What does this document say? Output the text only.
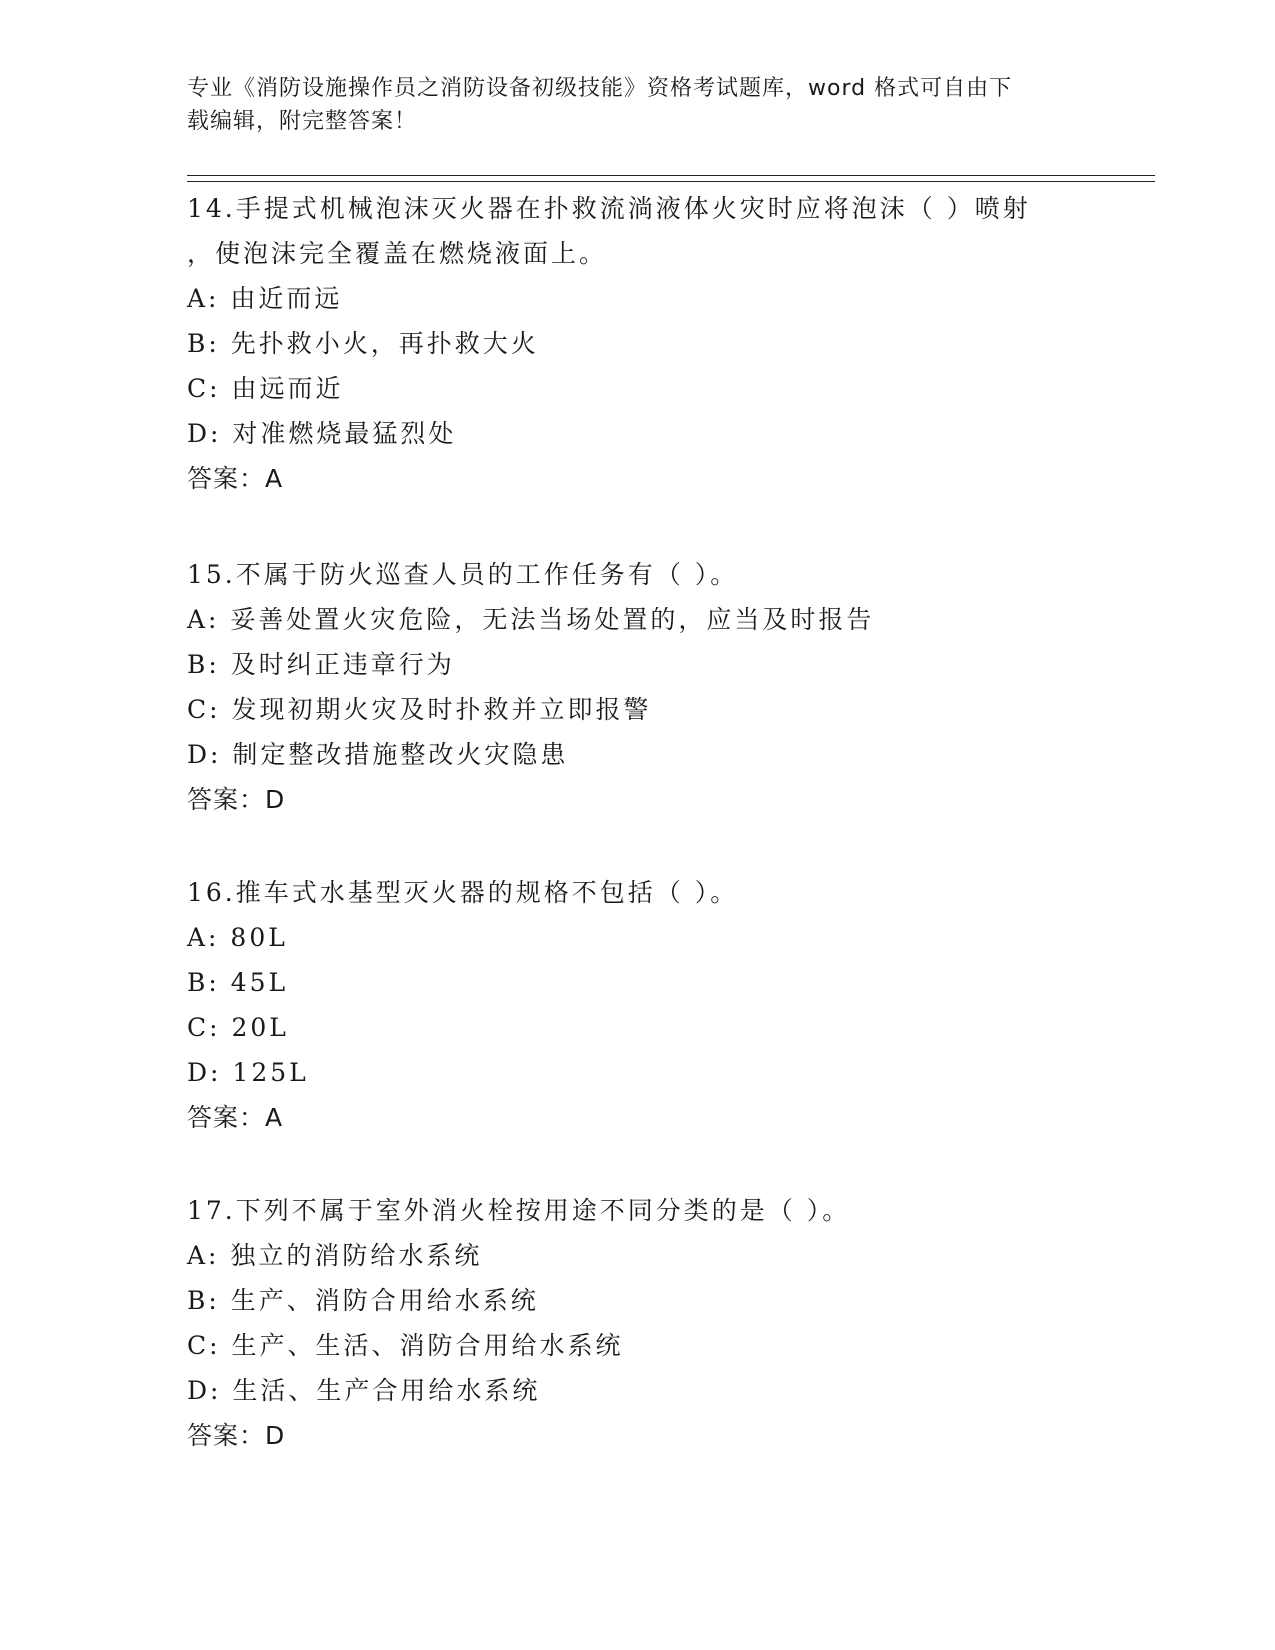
专业《消防设施操作员之消防设备初级技能》资格考试题库，word 格式可自由下
载编辑，附完整答案！
14.手提式机械泡沫灭火器在扑救流淌液体火灾时应将泡沫（ ）喷射
，使泡沫完全覆盖在燃烧液面上。
A: 由近而远
B: 先扑救小火，再扑救大火
C: 由远而近
D: 对准燃烧最猛烈处
答案：A
15.不属于防火巡查人员的工作任务有（ ）。
A: 妥善处置火灾危险，无法当场处置的，应当及时报告
B: 及时纠正违章行为
C: 发现初期火灾及时扑救并立即报警
D: 制定整改措施整改火灾隐患
答案：D
16.推车式水基型灭火器的规格不包括（ ）。
A: 80L
B: 45L
C: 20L
D: 125L
答案：A
17.下列不属于室外消火栓按用途不同分类的是（ ）。
A: 独立的消防给水系统
B: 生产、消防合用给水系统
C: 生产、生活、消防合用给水系统
D: 生活、生产合用给水系统
答案：D
